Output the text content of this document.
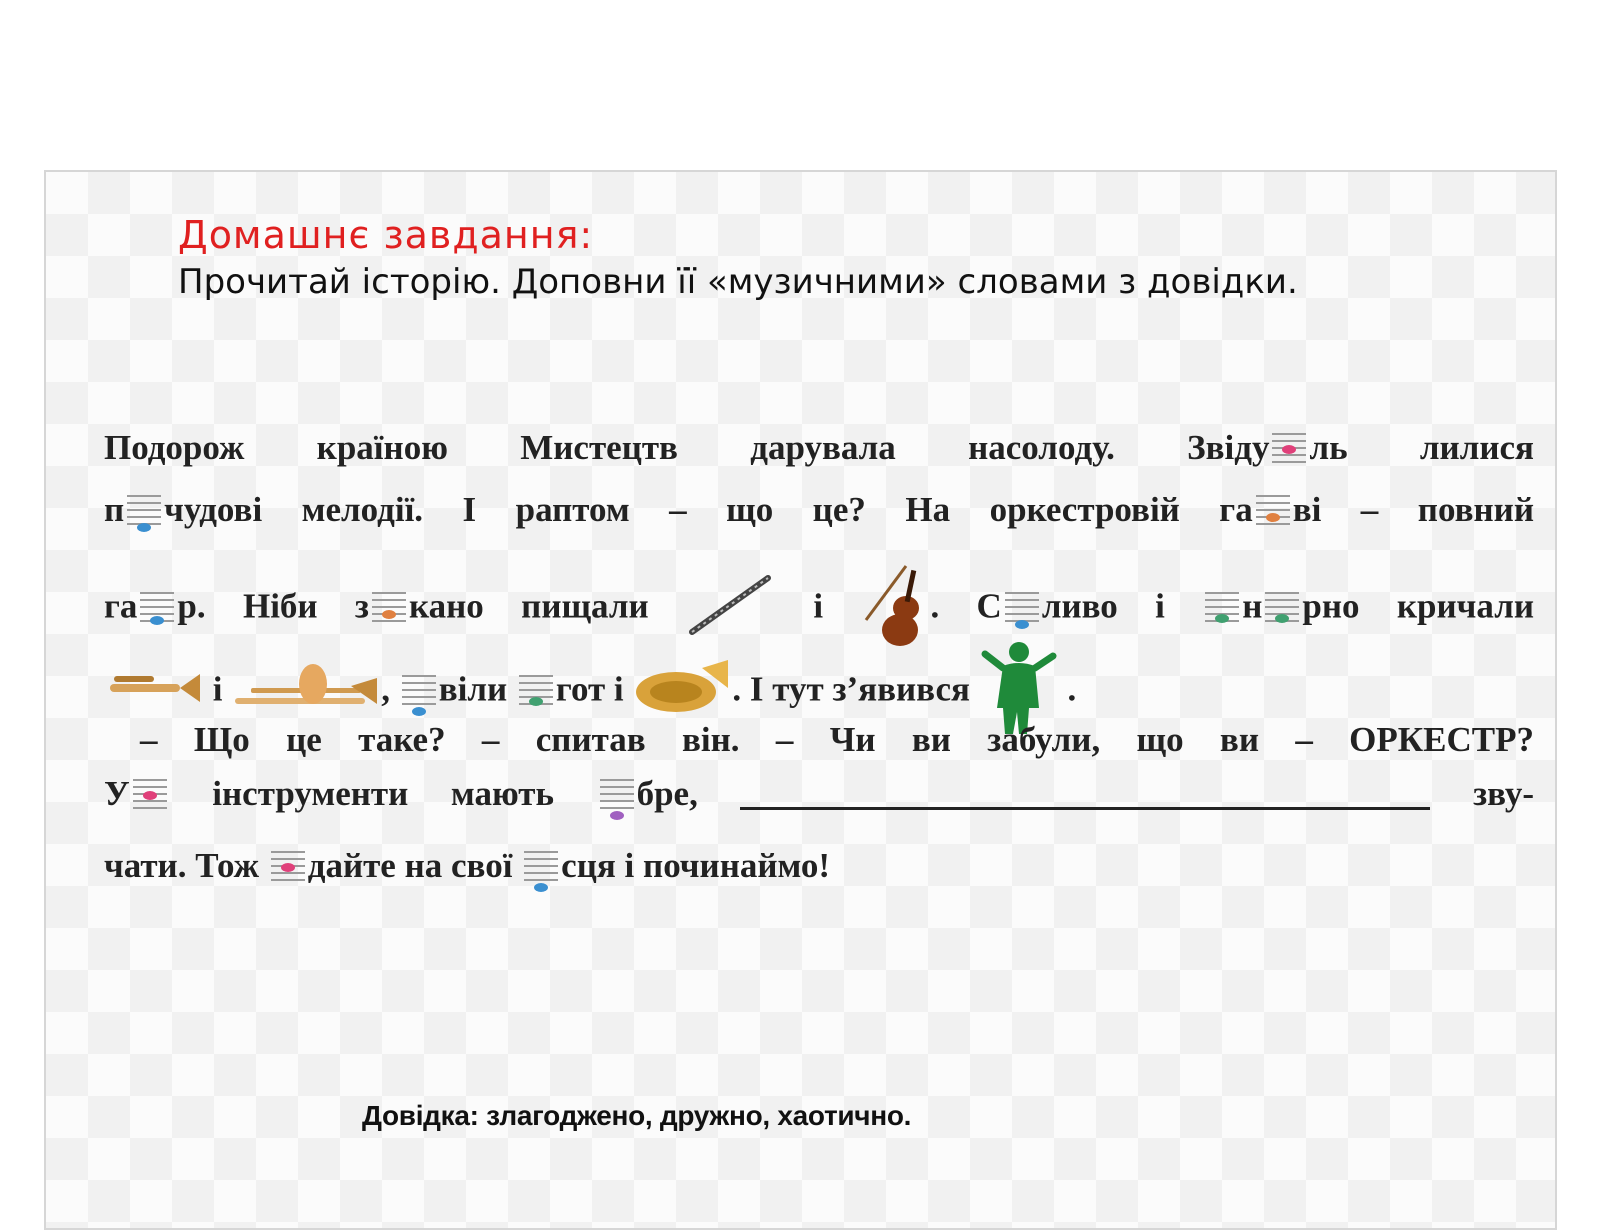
Домашнє завдання:
Прочитай історію. Доповни її «музичними» словами з довідки.
Подорож країною Мистецтв дарувала насолоду. Звіду ль лилися
п чудові мелодії. І раптом – що це? На оркестровій га ві – повний
га р. Ніби з кано пищали	і	. С ливо і н рно кричали
і	, віли гот і	. І тут з’явився	.
– Що це таке? – спитав він. – Чи ви забули, що ви – ОРКЕСТР?
У інструменти мають бре,	зву-
чати. Тож дайте на свої сця і починаймо!
Довідка: злагоджено, дружно, хаотично.
